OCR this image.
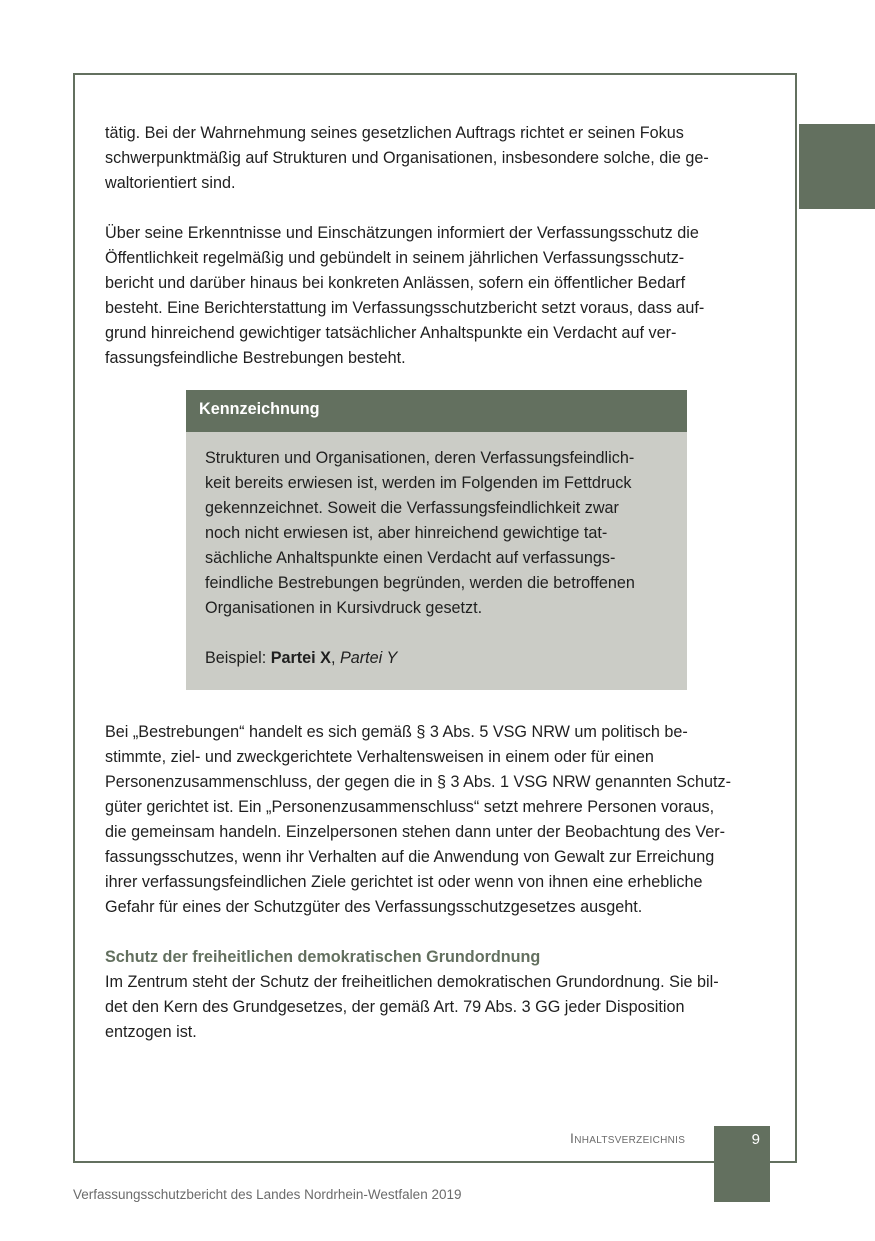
tätig. Bei der Wahrnehmung seines gesetzlichen Auftrags richtet er seinen Fokus
schwerpunktmäßig auf Strukturen und Organisationen, insbesondere solche, die ge-
waltorientiert sind.

Über seine Erkenntnisse und Einschätzungen informiert der Verfassungsschutz die
Öffentlichkeit regelmäßig und gebündelt in seinem jährlichen Verfassungsschutz-
bericht und darüber hinaus bei konkreten Anlässen, sofern ein öffentlicher Bedarf
besteht. Eine Berichterstattung im Verfassungsschutzbericht setzt voraus, dass auf-
grund hinreichend gewichtiger tatsächlicher Anhaltspunkte ein Verdacht auf ver-
fassungsfeindliche Bestrebungen besteht.

Kennzeichnung
Strukturen und Organisationen, deren Verfassungsfeindlich-
keit bereits erwiesen ist, werden im Folgenden im Fettdruck
gekennzeichnet. Soweit die Verfassungsfeindlichkeit zwar
noch nicht erwiesen ist, aber hinreichend gewichtige tat-
sächliche Anhaltspunkte einen Verdacht auf verfassungs-
feindliche Bestrebungen begründen, werden die betroffenen
Organisationen in Kursivdruck gesetzt.
Beispiel: Partei X, Partei Y

Bei „Bestrebungen“ handelt es sich gemäß § 3 Abs. 5 VSG NRW um politisch be-
stimmte, ziel- und zweckgerichtete Verhaltensweisen in einem oder für einen
Personenzusammenschluss, der gegen die in § 3 Abs. 1 VSG NRW genannten Schutz-
güter gerichtet ist. Ein „Personenzusammenschluss“ setzt mehrere Personen voraus,
die gemeinsam handeln. Einzelpersonen stehen dann unter der Beobachtung des Ver-
fassungsschutzes, wenn ihr Verhalten auf die Anwendung von Gewalt zur Erreichung
ihrer verfassungsfeindlichen Ziele gerichtet ist oder wenn von ihnen eine erhebliche
Gefahr für eines der Schutzgüter des Verfassungsschutzgesetzes ausgeht.

Schutz der freiheitlichen demokratischen Grundordnung
Im Zentrum steht der Schutz der freiheitlichen demokratischen Grundordnung. Sie bil-
det den Kern des Grundgesetzes, der gemäß Art. 79 Abs. 3 GG jeder Disposition
entzogen ist.

Inhaltsverzeichnis	9
Verfassungsschutzbericht des Landes Nordrhein-Westfalen 2019
